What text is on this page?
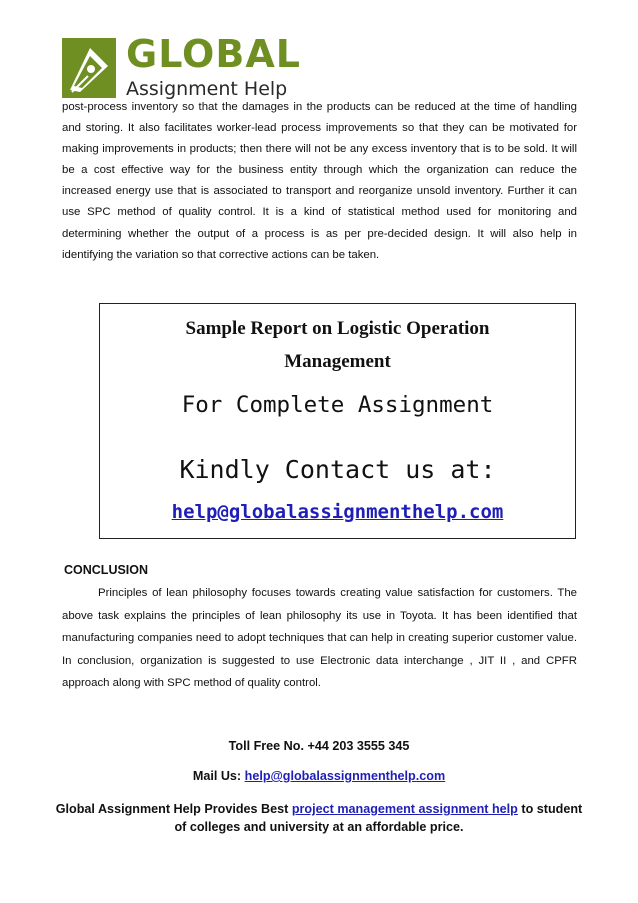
GLOBAL
Assignment Help

post-process inventory so that the damages in the products can be reduced at the time of handling and storing. It also facilitates worker-lead process improvements so that they can be motivated for making improvements in products; then there will not be any excess inventory that is to be sold. It will be a cost effective way for the business entity through which the organization can reduce the increased energy use that is associated to transport and reorganize unsold inventory. Further it can use SPC method of quality control. It is a kind of statistical method used for monitoring and determining whether the output of a process is as per pre-decided design. It will also help in identifying the variation so that corrective actions can be taken.

Sample Report on Logistic Operation
Management

For Complete Assignment
Kindly Contact us at:
help@globalassignmenthelp.com

CONCLUSION

Principles of lean philosophy focuses towards creating value satisfaction for customers. The above task explains the principles of lean philosophy its use in Toyota. It has been identified that manufacturing companies need to adopt techniques that can help in creating superior customer value. In conclusion, organization is suggested to use Electronic data interchange , JIT II , and CPFR approach along with SPC method of quality control.

Toll Free No. +44 203 3555 345

Mail Us: help@globalassignmenthelp.com

Global Assignment Help Provides Best project management assignment help to student of colleges and university at an affordable price.
